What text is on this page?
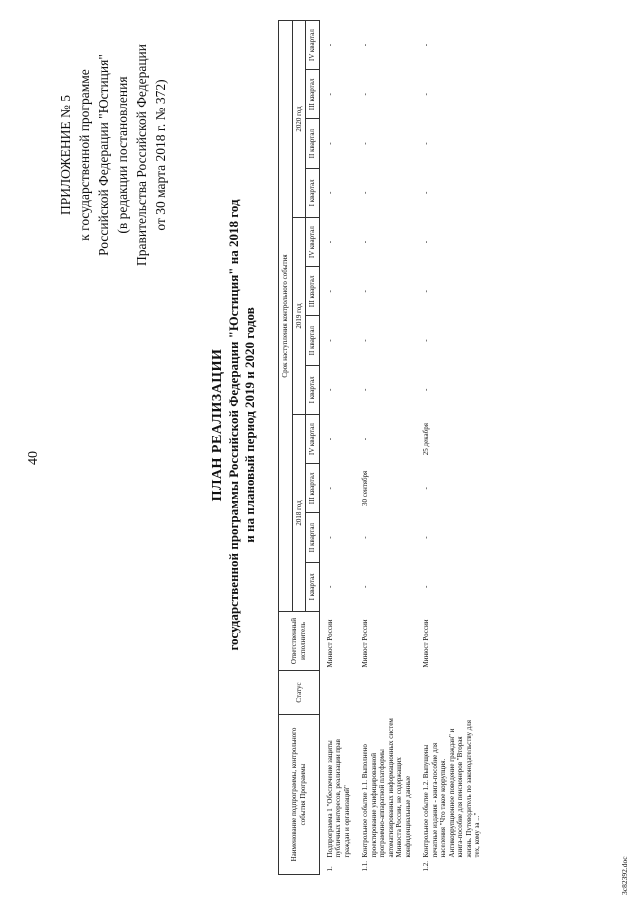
40
ПРИЛОЖЕНИЕ № 5 к государственной программе Российской Федерации "Юстиция" (в редакции постановления Правительства Российской Федерации от 30 марта 2018 г. № 372)
ПЛАН РЕАЛИЗАЦИИ государственной программы Российской Федерации "Юстиция" на 2018 год и на плановый период 2019 и 2020 годов
Наименование подпрограммы, контрольного события Программы		Статус	Ответственный исполнитель	Срок наступления контрольного события											
				2018 год				2019 год				2020 год			
				I квартал	II квартал	III квартал	IV квартал	I квартал	II квартал	III квартал	IV квартал	I квартал	II квартал	III квартал	IV квартал
1.	Подпрограмма 1 "Обеспечение защиты публичных интересов, реализации прав граждан и организаций"		Минюст России	-	-	-	-	-	-	-	-	-	-	-	-
1.1.	Контрольное событие 1.1. Выполнено проектирование унифицированной программно-аппаратной платформы автоматизированных информационных систем Минюста России, не содержащих конфиденциальные данные		Минюст России	-	-	30 сентября	-	-	-	-	-	-	-	-	-
1.2.	Контрольное событие 1.2. Выпущены печатные издания - книга-пособие для населения "Что такое коррупция. Антикоррупционное поведение граждан" и книга-пособие для пенсионеров "Вторая жизнь. Путеводитель по законодательству для тех, кому за ..."		Минюст России	-	-	-	25 декабря	-	-	-	-	-	-	-	-
3c82392.doc
